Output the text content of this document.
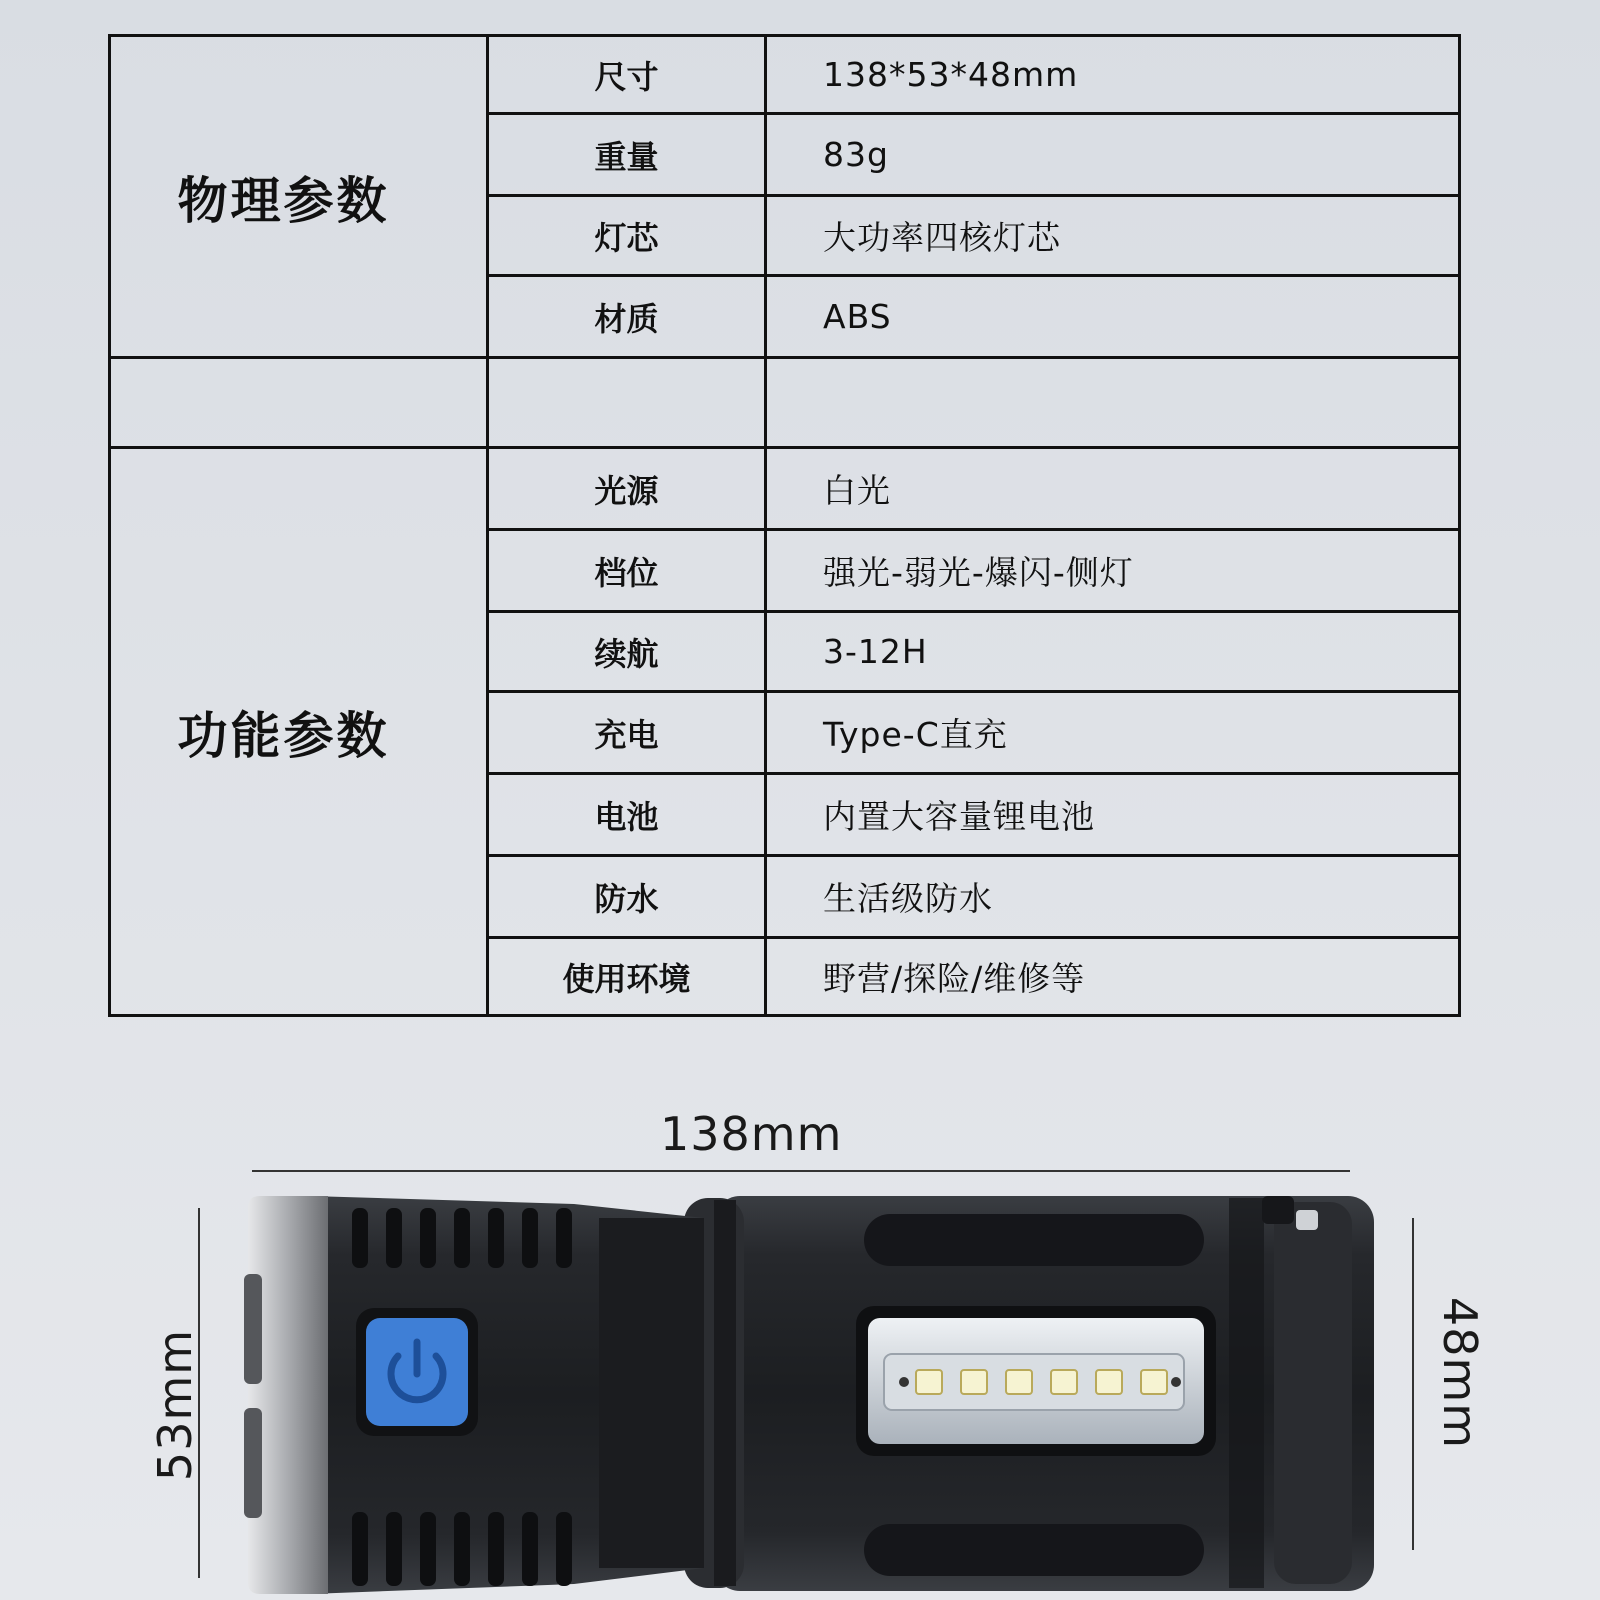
物理参数	尺寸	138*53*48mm
	重量	83g
	灯芯	大功率四核灯芯
	材质	ABS

功能参数	光源	白光
	档位	强光-弱光-爆闪-侧灯
	续航	3-12H
	充电	Type-C直充
	电池	内置大容量锂电池
	防水	生活级防水
	使用环境	野营/探险/维修等
138mm
53mm	48mm
